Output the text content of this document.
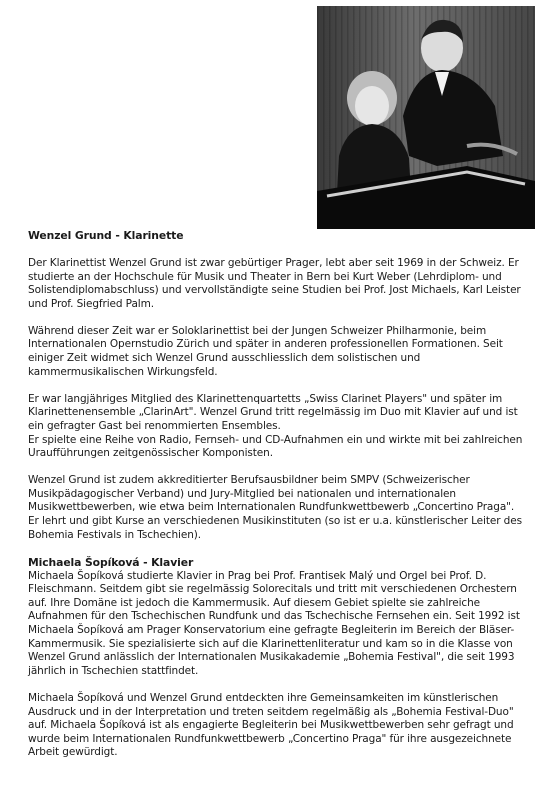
Wenzel Grund - Klarinette

Der Klarinettist Wenzel Grund ist zwar gebürtiger Prager, lebt aber seit 1969 in der Schweiz. Er studierte an der Hochschule für Musik und Theater in Bern bei Kurt Weber (Lehrdiplom- und Solistendiplomabschluss) und vervollständigte seine Studien bei Prof. Jost Michaels, Karl Leister und Prof. Siegfried Palm.

Während dieser Zeit war er Soloklarinettist bei der Jungen Schweizer Philharmonie, beim Internationalen Opernstudio Zürich und später in anderen professionellen Formationen. Seit einiger Zeit widmet sich Wenzel Grund ausschliesslich dem solistischen und kammermusikalischen Wirkungsfeld.

Er war langjähriges Mitglied des Klarinettenquartetts „Swiss Clarinet Players" und später im Klarinettenensemble „ClarinArt". Wenzel Grund tritt regelmässig im Duo mit Klavier auf und ist ein gefragter Gast bei renommierten Ensembles.
Er spielte eine Reihe von Radio, Fernseh- und CD-Aufnahmen ein und wirkte mit bei zahlreichen Uraufführungen zeitgenössischer Komponisten.

Wenzel Grund ist zudem akkreditierter Berufsausbildner beim SMPV (Schweizerischer Musikpädagogischer Verband) und Jury-Mitglied bei nationalen und internationalen Musikwettbewerben, wie etwa beim Internationalen Rundfunkwettbewerb „Concertino Praga". Er lehrt und gibt Kurse an verschiedenen Musikinstituten (so ist er u.a. künstlerischer Leiter des Bohemia Festivals in Tschechien).

Michaela Šopíková - Klavier

Michaela Šopíková studierte Klavier in Prag bei Prof. Frantisek Malý und Orgel bei Prof. D. Fleischmann. Seitdem gibt sie regelmässig Solorecitals und tritt mit verschiedenen Orchestern auf. Ihre Domäne ist jedoch die Kammermusik. Auf diesem Gebiet spielte sie zahlreiche Aufnahmen für den Tschechischen Rundfunk und das Tschechische Fernsehen ein. Seit 1992 ist Michaela Šopíková am Prager Konservatorium eine gefragte Begleiterin im Bereich der Bläser-Kammermusik. Sie spezialisierte sich auf die Klarinettenliteratur und kam so in die Klasse von Wenzel Grund anlässlich der Internationalen Musikakademie „Bohemia Festival", die seit 1993 jährlich in Tschechien stattfindet.

Michaela Šopíková und Wenzel Grund entdeckten ihre Gemeinsamkeiten im künstlerischen Ausdruck und in der Interpretation und treten seitdem regelmäßig als „Bohemia Festival-Duo" auf. Michaela Šopíková ist als engagierte Begleiterin bei Musikwettbewerben sehr gefragt und wurde beim Internationalen Rundfunkwettbewerb „Concertino Praga" für ihre ausgezeichnete Arbeit gewürdigt.
